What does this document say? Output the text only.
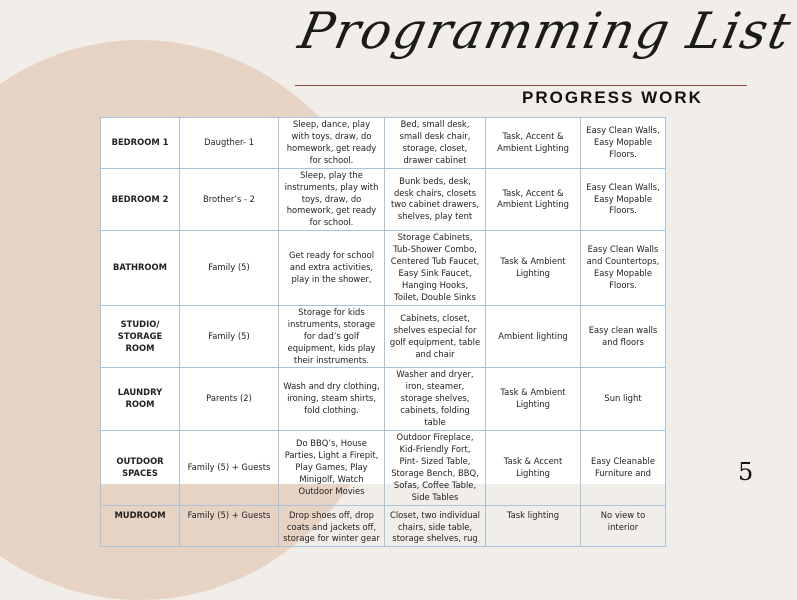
Programming List
PROGRESS WORK
BEDROOM 1	Daugther- 1	Sleep, dance, play with toys, draw, do homework, get ready for school.	Bed, small desk, small desk chair, storage, closet, drawer cabinet	Task, Accent & Ambient Lighting	Easy Clean Walls, Easy Mopable Floors.
BEDROOM 2	Brother’s - 2	Sleep, play the instruments, play with toys, draw, do homework, get ready for school.	Bunk beds, desk, desk chairs, closets two cabinet drawers, shelves, play tent	Task, Accent & Ambient Lighting	Easy Clean Walls, Easy Mopable Floors.
BATHROOM	Family (5)	Get ready for school and extra activities, play in the shower,	Storage Cabinets, Tub-Shower Combo, Centered Tub Faucet, Easy Sink Faucet, Hanging Hooks, Toilet, Double Sinks	Task & Ambient Lighting	Easy Clean Walls and Countertops, Easy Mopable Floors.
STUDIO/ STORAGE ROOM	Family (5)	Storage for kids instruments, storage for dad’s golf equipment, kids play their instruments.	Cabinets, closet, shelves especial for golf equipment, table and chair	Ambient lighting	Easy clean walls and floors
LAUNDRY ROOM	Parents (2)	Wash and dry clothing, ironing, steam shirts, fold clothing.	Washer and dryer, iron, steamer, storage shelves, cabinets, folding table	Task & Ambient Lighting	Sun light
OUTDOOR SPACES	Family (5) + Guests	Do BBQ’s, House Parties, Light a Firepit, Play Games, Play Minigolf, Watch Outdoor Movies	Outdoor Fireplace, Kid-Friendly Fort, Pint- Sized Table, Storage Bench, BBQ, Sofas, Coffee Table, Side Tables	Task & Accent Lighting	Easy Cleanable Furniture and
MUDROOM	Family (5) + Guests	Drop shoes off, drop coats and jackets off, storage for winter gear	Closet, two individual chairs, side table, storage shelves, rug	Task lighting	No view to interior
5
